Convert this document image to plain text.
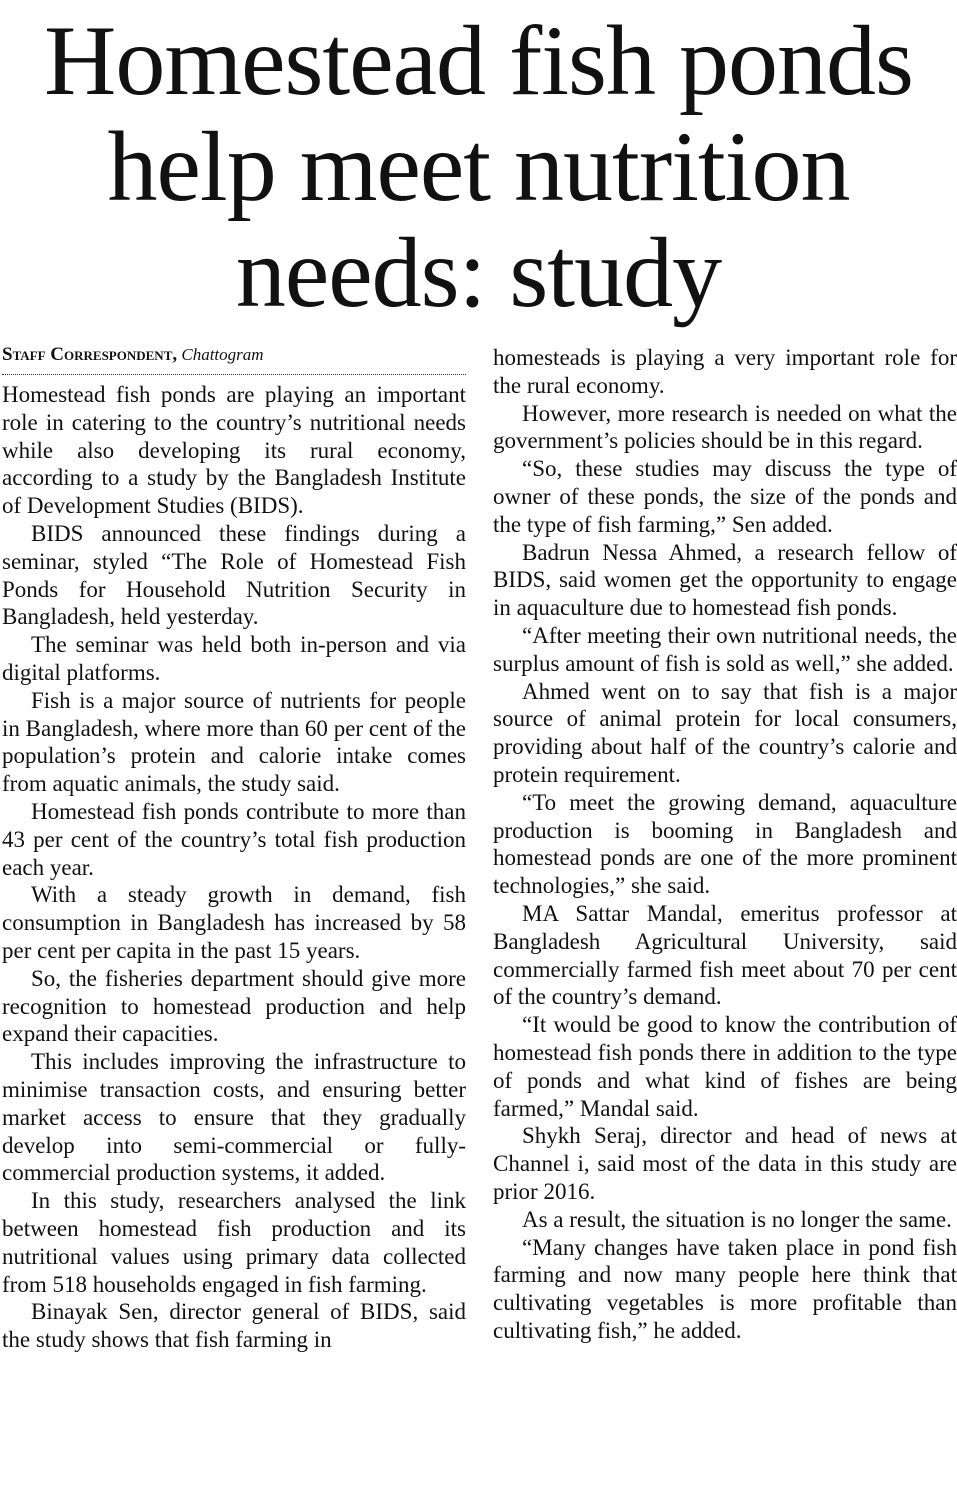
Homestead fish ponds help meet nutrition needs: study
Staff Correspondent, Chattogram

Homestead fish ponds are playing an important role in catering to the country’s nutritional needs while also developing its rural economy, according to a study by the Bangladesh Institute of Development Studies (BIDS).

BIDS announced these findings during a seminar, styled “The Role of Homestead Fish Ponds for Household Nutrition Security in Bangladesh, held yesterday.

The seminar was held both in-person and via digital platforms.

Fish is a major source of nutrients for people in Bangladesh, where more than 60 per cent of the population’s protein and calorie intake comes from aquatic animals, the study said.

Homestead fish ponds contribute to more than 43 per cent of the country’s total fish production each year.

With a steady growth in demand, fish consumption in Bangladesh has increased by 58 per cent per capita in the past 15 years.

So, the fisheries department should give more recognition to homestead production and help expand their capacities.

This includes improving the infrastructure to minimise transaction costs, and ensuring better market access to ensure that they gradually develop into semi-commercial or fully-commercial production systems, it added.

In this study, researchers analysed the link between homestead fish production and its nutritional values using primary data collected from 518 households engaged in fish farming.

Binayak Sen, director general of BIDS, said the study shows that fish farming in

homesteads is playing a very important role for the rural economy.

However, more research is needed on what the government’s policies should be in this regard.

“So, these studies may discuss the type of owner of these ponds, the size of the ponds and the type of fish farming,” Sen added.

Badrun Nessa Ahmed, a research fellow of BIDS, said women get the opportunity to engage in aquaculture due to homestead fish ponds.

“After meeting their own nutritional needs, the surplus amount of fish is sold as well,” she added.

Ahmed went on to say that fish is a major source of animal protein for local consumers, providing about half of the country’s calorie and protein requirement.

“To meet the growing demand, aquaculture production is booming in Bangladesh and homestead ponds are one of the more prominent technologies,” she said.

MA Sattar Mandal, emeritus professor at Bangladesh Agricultural University, said commercially farmed fish meet about 70 per cent of the country’s demand.

“It would be good to know the contribution of homestead fish ponds there in addition to the type of ponds and what kind of fishes are being farmed,” Mandal said.

Shykh Seraj, director and head of news at Channel i, said most of the data in this study are prior 2016.

As a result, the situation is no longer the same.

“Many changes have taken place in pond fish farming and now many people here think that cultivating vegetables is more profitable than cultivating fish,” he added.
